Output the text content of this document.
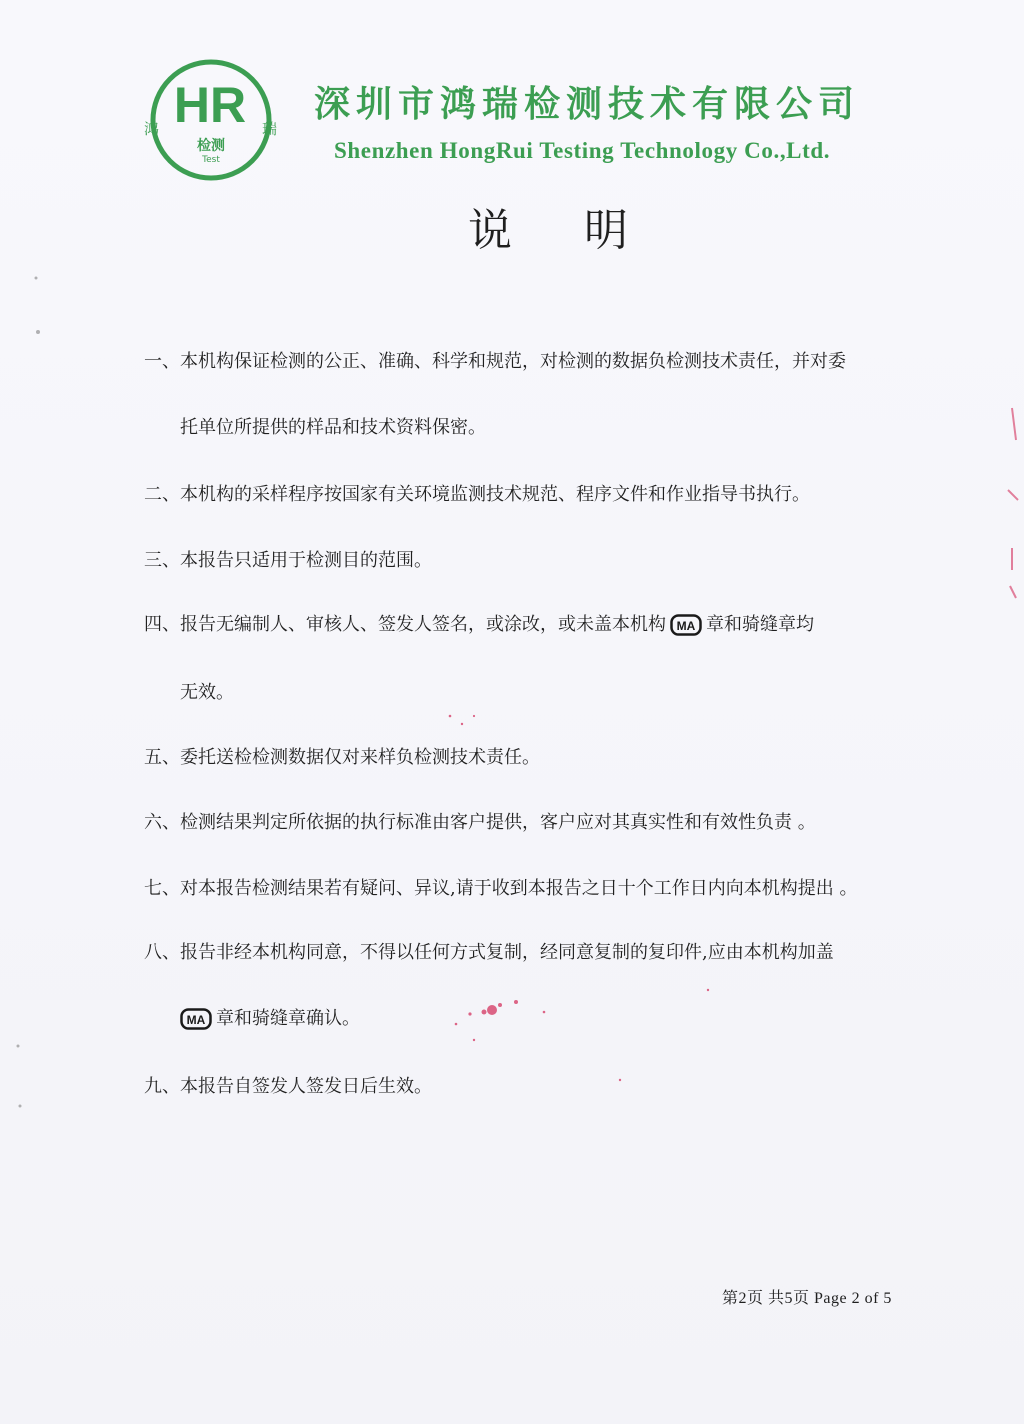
HR
鸿	瑞
检测
Test
深圳市鸿瑞检测技术有限公司
Shenzhen HongRui Testing Technology Co.,Ltd.
说明
一、本机构保证检测的公正、准确、科学和规范，对检测的数据负检测技术责任，并对委
托单位所提供的样品和技术资料保密。
二、本机构的采样程序按国家有关环境监测技术规范、程序文件和作业指导书执行。
三、本报告只适用于检测目的范围。
四、报告无编制人、审核人、签发人签名，或涂改，或未盖本机构 MA 章和骑缝章均
无效。
五、委托送检检测数据仅对来样负检测技术责任。
六、检测结果判定所依据的执行标准由客户提供，客户应对其真实性和有效性负责 。
七、对本报告检测结果若有疑问、异议,请于收到本报告之日十个工作日内向本机构提出 。
八、报告非经本机构同意，不得以任何方式复制，经同意复制的复印件,应由本机构加盖
MA 章和骑缝章确认。
九、本报告自签发人签发日后生效。
第2页 共5页 Page 2 of 5
